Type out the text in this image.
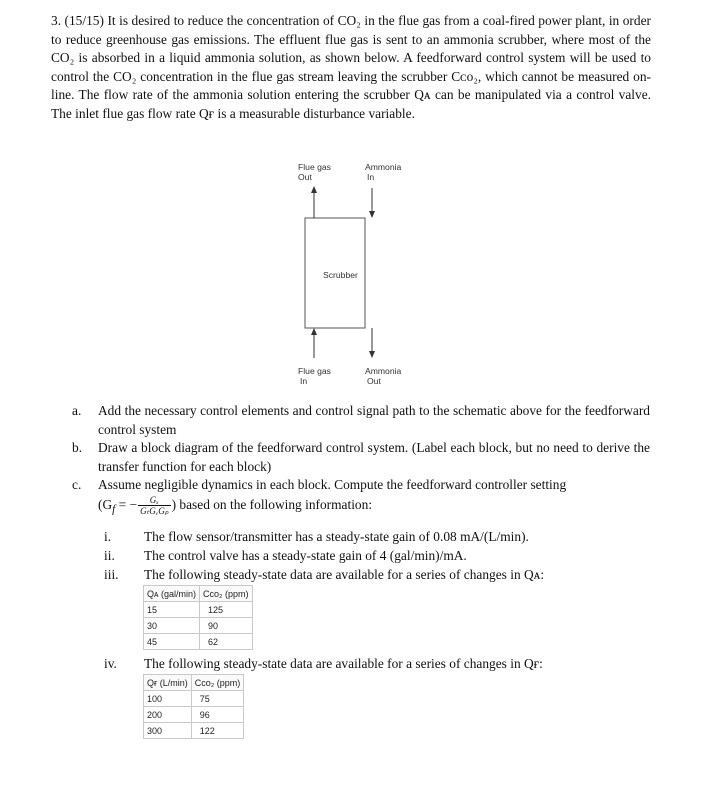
3. (15/15) It is desired to reduce the concentration of CO₂ in the flue gas from a coal-fired power plant, in order to reduce greenhouse gas emissions. The effluent flue gas is sent to an ammonia scrubber, where most of the CO₂ is absorbed in a liquid ammonia solution, as shown below. A feedforward control system will be used to control the CO₂ concentration in the flue gas stream leaving the scrubber Cᴄᴏ₂, which cannot be measured on-line. The flow rate of the ammonia solution entering the scrubber Qᴀ can be manipulated via a control valve. The inlet flue gas flow rate Qғ is a measurable disturbance variable.
Flue gas
Out
Ammonia
In
Scrubber
Flue gas
In
Ammonia
Out
a.	Add the necessary control elements and control signal path to the schematic above for the feedforward control system
b.	Draw a block diagram of the feedforward control system. (Label each block, but no need to derive the transfer function for each block)
c.	Assume negligible dynamics in each block. Compute the feedforward controller setting
($G_f$ = − $\frac{\text{Gₓ}}{\text{GₜGᵥGₚ}}$ ) based on the following information:
i.	The flow sensor/transmitter has a steady-state gain of 0.08 mA/(L/min).
ii.	The control valve has a steady-state gain of 4 (gal/min)/mA.
iii.	The following steady-state data are available for a series of changes in Qᴀ:
Qᴀ (gal/min)	Cᴄᴏ₂ (ppm)
15	125
30	90
45	62
iv.	The following steady-state data are available for a series of changes in Qғ:
Qғ (L/min)	Cᴄᴏ₂ (ppm)
100	75
200	96
300	122
